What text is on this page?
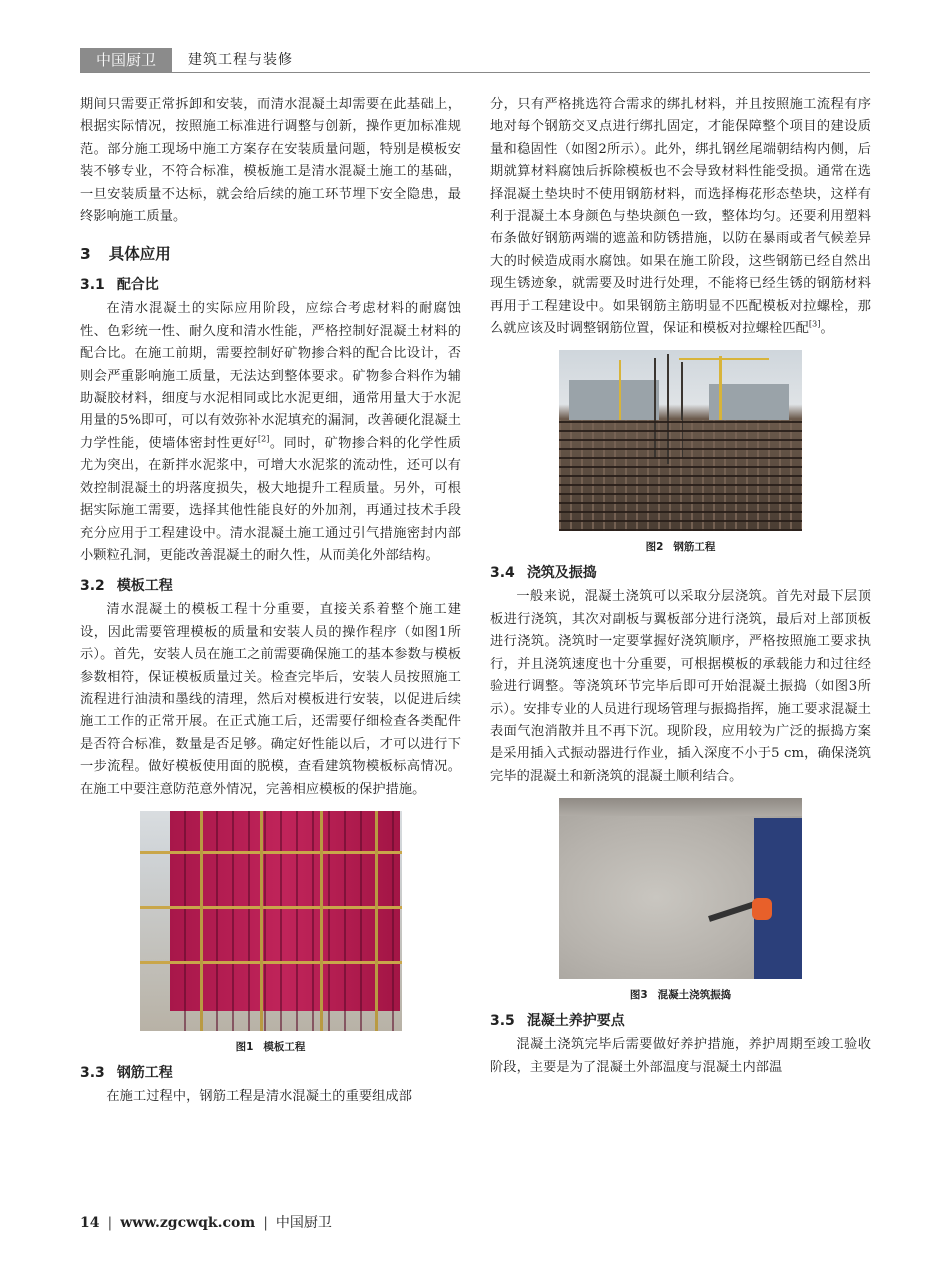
中国厨卫	建筑工程与装修

期间只需要正常拆卸和安装，而清水混凝土却需要在此基础上，根据实际情况，按照施工标准进行调整与创新，操作更加标准规范。部分施工现场中施工方案存在安装质量问题，特别是模板安装不够专业，不符合标准，模板施工是清水混凝土施工的基础，一旦安装质量不达标，就会给后续的施工环节埋下安全隐患，最终影响施工质量。

3 具体应用
3.1 配合比

在清水混凝土的实际应用阶段，应综合考虑材料的耐腐蚀性、色彩统一性、耐久度和清水性能，严格控制好混凝土材料的配合比。在施工前期，需要控制好矿物掺合料的配合比设计，否则会严重影响施工质量，无法达到整体要求。矿物参合料作为辅助凝胶材料，细度与水泥相同或比水泥更细，通常用量大于水泥用量的5%即可，可以有效弥补水泥填充的漏洞，改善硬化混凝土力学性能，使墙体密封性更好[2]。同时，矿物掺合料的化学性质尤为突出，在新拌水泥浆中，可增大水泥浆的流动性，还可以有效控制混凝土的坍落度损失，极大地提升工程质量。另外，可根据实际施工需要，选择其他性能良好的外加剂，再通过技术手段充分应用于工程建设中。清水混凝土施工通过引气措施密封内部小颗粒孔洞，更能改善混凝土的耐久性，从而美化外部结构。

3.2 模板工程

清水混凝土的模板工程十分重要，直接关系着整个施工建设，因此需要管理模板的质量和安装人员的操作程序（如图1所示）。首先，安装人员在施工之前需要确保施工的基本参数与模板参数相符，保证模板质量过关。检查完毕后，安装人员按照施工流程进行油渍和墨线的清理，然后对模板进行安装，以促进后续施工工作的正常开展。在正式施工后，还需要仔细检查各类配件是否符合标准，数量是否足够。确定好性能以后，才可以进行下一步流程。做好模板使用面的脱模，查看建筑物模板标高情况。在施工中要注意防范意外情况，完善相应模板的保护措施。

图1 模板工程
3.3 钢筋工程

在施工过程中，钢筋工程是清水混凝土的重要组成部

分，只有严格挑选符合需求的绑扎材料，并且按照施工流程有序地对每个钢筋交叉点进行绑扎固定，才能保障整个项目的建设质量和稳固性（如图2所示）。此外，绑扎钢丝尾端朝结构内侧，后期就算材料腐蚀后拆除模板也不会导致材料性能受损。通常在选择混凝土垫块时不使用钢筋材料，而选择梅花形态垫块，这样有利于混凝土本身颜色与垫块颜色一致，整体均匀。还要利用塑料布条做好钢筋两端的遮盖和防锈措施，以防在暴雨或者气候差异大的时候造成雨水腐蚀。如果在施工阶段，这些钢筋已经自然出现生锈迹象，就需要及时进行处理，不能将已经生锈的钢筋材料再用于工程建设中。如果钢筋主筋明显不匹配模板对拉螺栓，那么就应该及时调整钢筋位置，保证和模板对拉螺栓匹配[3]。

图2 钢筋工程
3.4 浇筑及振捣

一般来说，混凝土浇筑可以采取分层浇筑。首先对最下层顶板进行浇筑，其次对副板与翼板部分进行浇筑，最后对上部顶板进行浇筑。浇筑时一定要掌握好浇筑顺序，严格按照施工要求执行，并且浇筑速度也十分重要，可根据模板的承载能力和过往经验进行调整。等浇筑环节完毕后即可开始混凝土振捣（如图3所示）。安排专业的人员进行现场管理与振捣指挥，施工要求混凝土表面气泡消散并且不再下沉。现阶段，应用较为广泛的振捣方案是采用插入式振动器进行作业，插入深度不小于5 cm，确保浇筑完毕的混凝土和新浇筑的混凝土顺利结合。

图3 混凝土浇筑振捣
3.5 混凝土养护要点

混凝土浇筑完毕后需要做好养护措施，养护周期至竣工验收阶段，主要是为了混凝土外部温度与混凝土内部温

14 | www.zgcwqk.com | 中国厨卫
